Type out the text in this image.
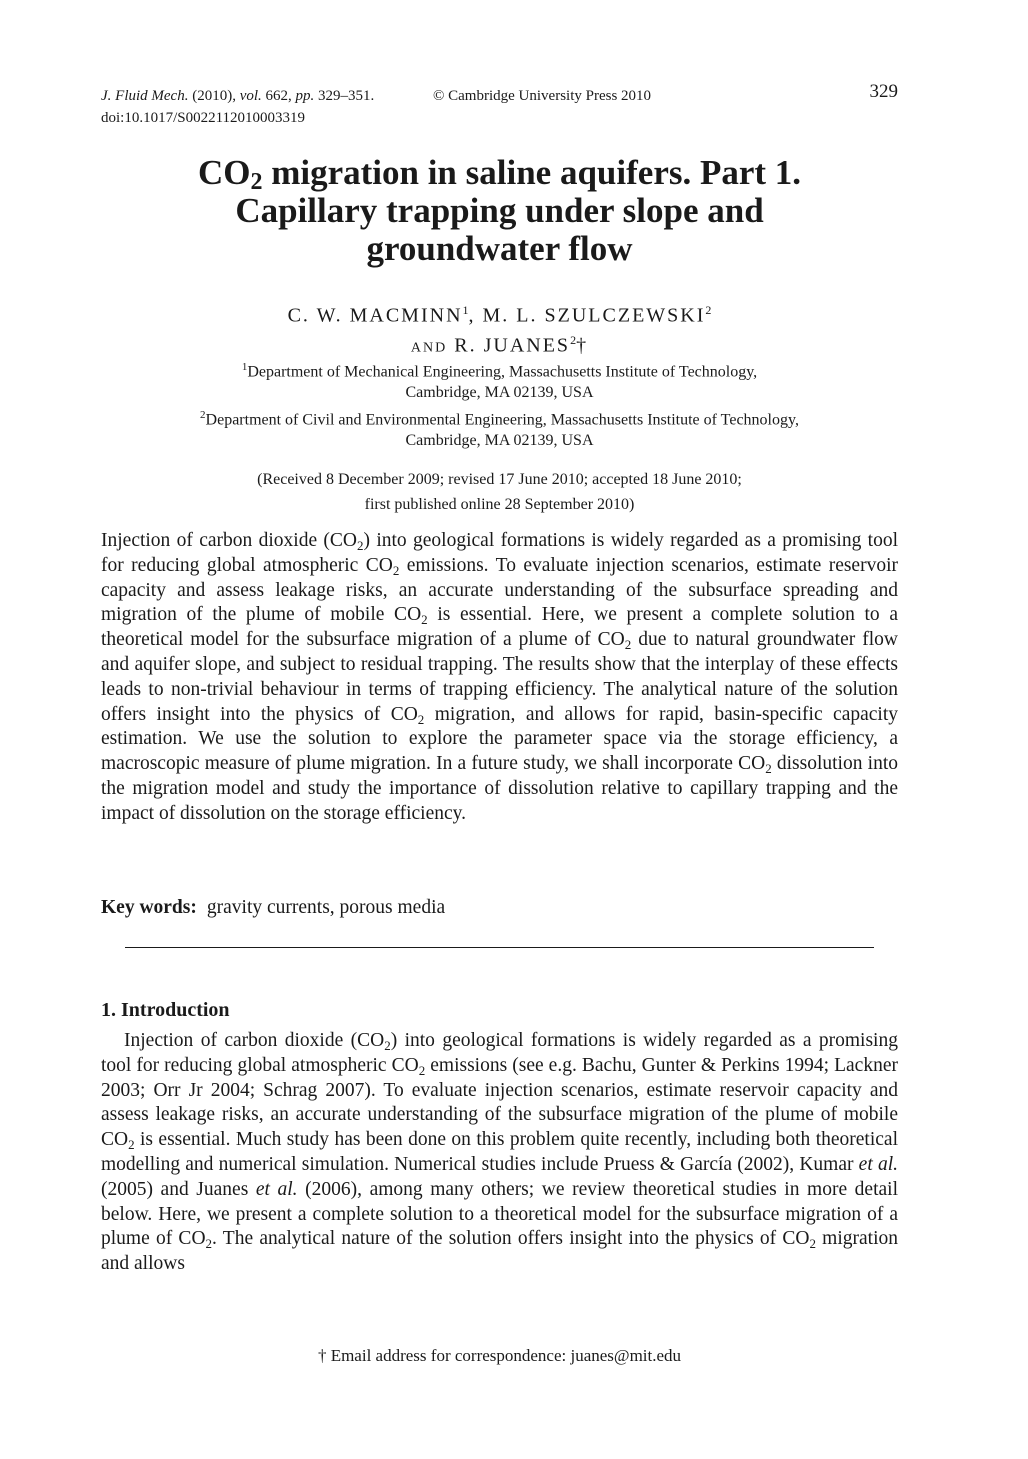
J. Fluid Mech. (2010), vol. 662, pp. 329–351.	© Cambridge University Press 2010	329
doi:10.1017/S0022112010003319
$CO_2$ migration in saline aquifers. Part 1.
Capillary trapping under slope and
groundwater flow
C. W. MACMINN$^1$, M. L. SZULCZEWSKI$^2$
AND R. JUANES$^2$†
$^1$Department of Mechanical Engineering, Massachusetts Institute of Technology,
Cambridge, MA 02139, USA
$^2$Department of Civil and Environmental Engineering, Massachusetts Institute of Technology,
Cambridge, MA 02139, USA
(Received 8 December 2009; revised 17 June 2010; accepted 18 June 2010;
first published online 28 September 2010)
Injection of carbon dioxide $(CO_2)$ into geological formations is widely regarded as a promising tool for reducing global atmospheric $CO_2$ emissions. To evaluate injection scenarios, estimate reservoir capacity and assess leakage risks, an accurate understanding of the subsurface spreading and migration of the plume of mobile $CO_2$ is essential. Here, we present a complete solution to a theoretical model for the subsurface migration of a plume of $CO_2$ due to natural groundwater flow and aquifer slope, and subject to residual trapping. The results show that the interplay of these effects leads to non-trivial behaviour in terms of trapping efficiency. The analytical nature of the solution offers insight into the physics of $CO_2$ migration, and allows for rapid, basin-specific capacity estimation. We use the solution to explore the parameter space via the storage efficiency, a macroscopic measure of plume migration. In a future study, we shall incorporate $CO_2$ dissolution into the migration model and study the importance of dissolution relative to capillary trapping and the impact of dissolution on the storage efficiency.
Key words: gravity currents, porous media
1. Introduction
Injection of carbon dioxide $(CO_2)$ into geological formations is widely regarded as a promising tool for reducing global atmospheric $CO_2$ emissions (see e.g. Bachu, Gunter & Perkins 1994; Lackner 2003; Orr Jr 2004; Schrag 2007). To evaluate injection scenarios, estimate reservoir capacity and assess leakage risks, an accurate understanding of the subsurface migration of the plume of mobile $CO_2$ is essential. Much study has been done on this problem quite recently, including both theoretical modelling and numerical simulation. Numerical studies include Pruess & García (2002), Kumar et al. (2005) and Juanes et al. (2006), among many others; we review theoretical studies in more detail below. Here, we present a complete solution to a theoretical model for the subsurface migration of a plume of $CO_2$. The analytical nature of the solution offers insight into the physics of $CO_2$ migration and allows
† Email address for correspondence: juanes@mit.edu
